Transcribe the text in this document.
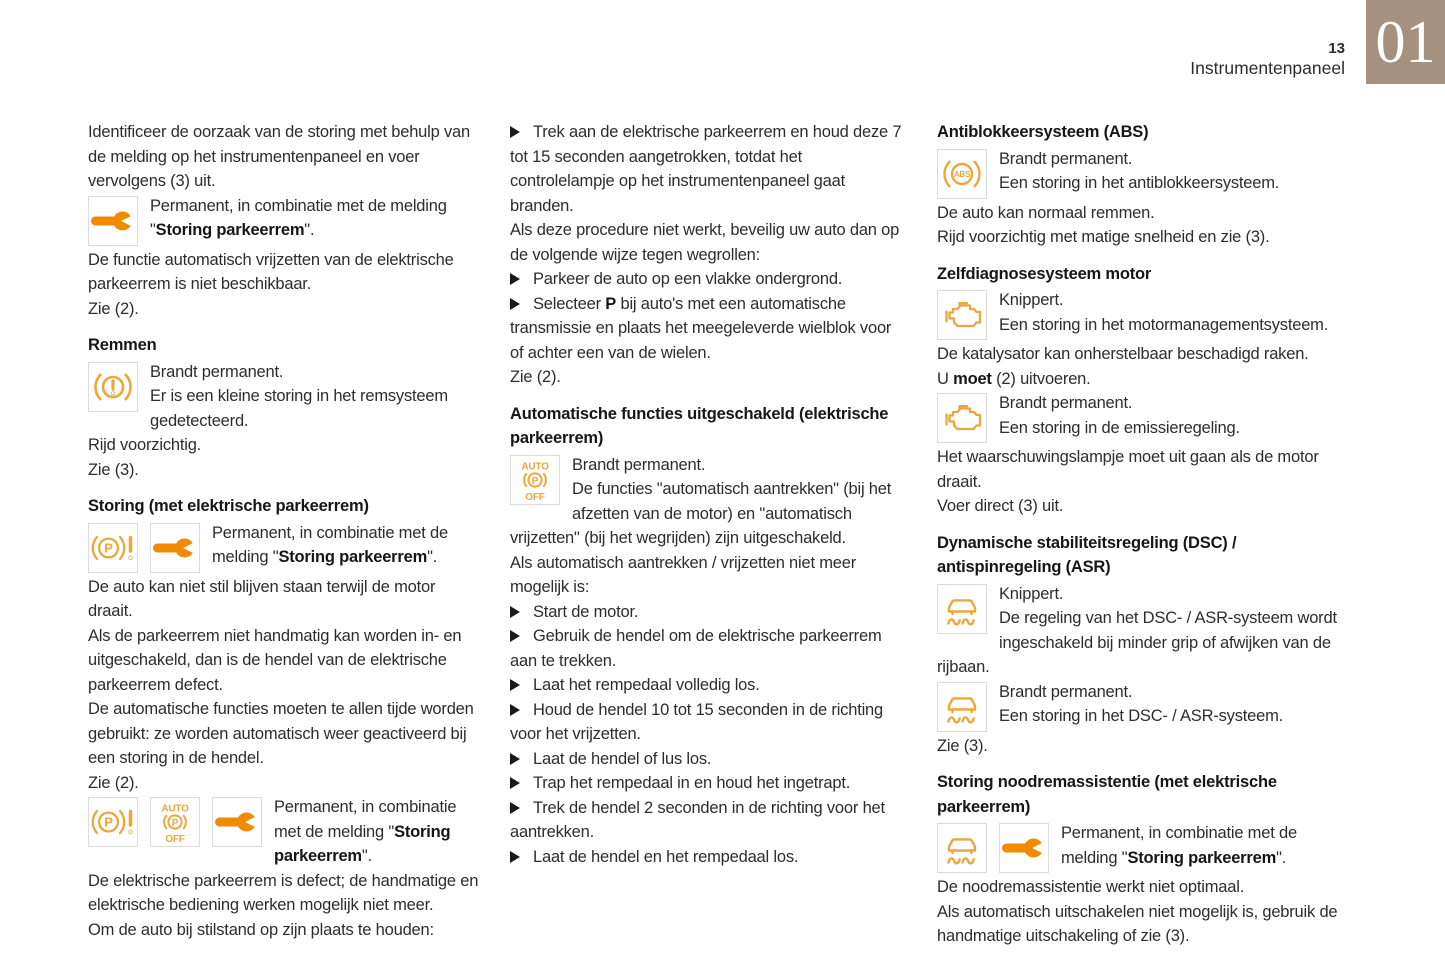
13
Instrumentenpaneel 01
Identificeer de oorzaak van de storing met behulp van de melding op het instrumentenpaneel en voer vervolgens (3) uit.
Permanent, in combinatie met de melding "Storing parkeerrem".
De functie automatisch vrijzetten van de elektrische parkeerrem is niet beschikbaar.
Zie (2).
Remmen
Brandt permanent.
Er is een kleine storing in het remsysteem gedetecteerd.
Rijd voorzichtig.
Zie (3).
Storing (met elektrische parkeerrem)
P
Permanent, in combinatie met de melding "Storing parkeerrem".
De auto kan niet stil blijven staan terwijl de motor draait.
Als de parkeerrem niet handmatig kan worden in- en uitgeschakeld, dan is de hendel van de elektrische parkeerrem defect.
De automatische functies moeten te allen tijde worden gebruikt: ze worden automatisch weer geactiveerd bij een storing in de hendel.
Zie (2).
P
AUTO
P
OFF
Permanent, in combinatie met de melding "Storing parkeerrem".
De elektrische parkeerrem is defect; de handmatige en elektrische bediening werken mogelijk niet meer.
Om de auto bij stilstand op zijn plaats te houden:
Trek aan de elektrische parkeerrem en houd deze 7 tot 15 seconden aangetrokken, totdat het controlelampje op het instrumentenpaneel gaat branden.
Als deze procedure niet werkt, beveilig uw auto dan op de volgende wijze tegen wegrollen:
Parkeer de auto op een vlakke ondergrond.
Selecteer P bij auto's met een automatische transmissie en plaats het meegeleverde wielblok voor of achter een van de wielen.
Zie (2).
Automatische functies uitgeschakeld (elektrische parkeerrem)
AUTO
P
OFF
Brandt permanent.
De functies "automatisch aantrekken" (bij het afzetten van de motor) en "automatisch vrijzetten" (bij het wegrijden) zijn uitgeschakeld.
Als automatisch aantrekken / vrijzetten niet meer mogelijk is:
Start de motor.
Gebruik de hendel om de elektrische parkeerrem aan te trekken.
Laat het rempedaal volledig los.
Houd de hendel 10 tot 15 seconden in de richting voor het vrijzetten.
Laat de hendel of lus los.
Trap het rempedaal in en houd het ingetrapt.
Trek de hendel 2 seconden in de richting voor het aantrekken.
Laat de hendel en het rempedaal los.
Antiblokkeersysteem (ABS)
ABS
Brandt permanent.
Een storing in het antiblokkeersysteem.
De auto kan normaal remmen.
Rijd voorzichtig met matige snelheid en zie (3).
Zelfdiagnosesysteem motor
Knippert.
Een storing in het motormanagementsysteem.
De katalysator kan onherstelbaar beschadigd raken.
U moet (2) uitvoeren.
Brandt permanent.
Een storing in de emissieregeling.
Het waarschuwingslampje moet uit gaan als de motor draait.
Voer direct (3) uit.
Dynamische stabiliteitsregeling (DSC) / antispinregeling (ASR)
Knippert.
De regeling van het DSC- / ASR-systeem wordt ingeschakeld bij minder grip of afwijken van de rijbaan.
Brandt permanent.
Een storing in het DSC- / ASR-systeem.
Zie (3).
Storing noodremassistentie (met elektrische parkeerrem)
Permanent, in combinatie met de
melding "Storing parkeerrem".
De noodremassistentie werkt niet optimaal.
Als automatisch uitschakelen niet mogelijk is, gebruik de handmatige uitschakeling of zie (3).
